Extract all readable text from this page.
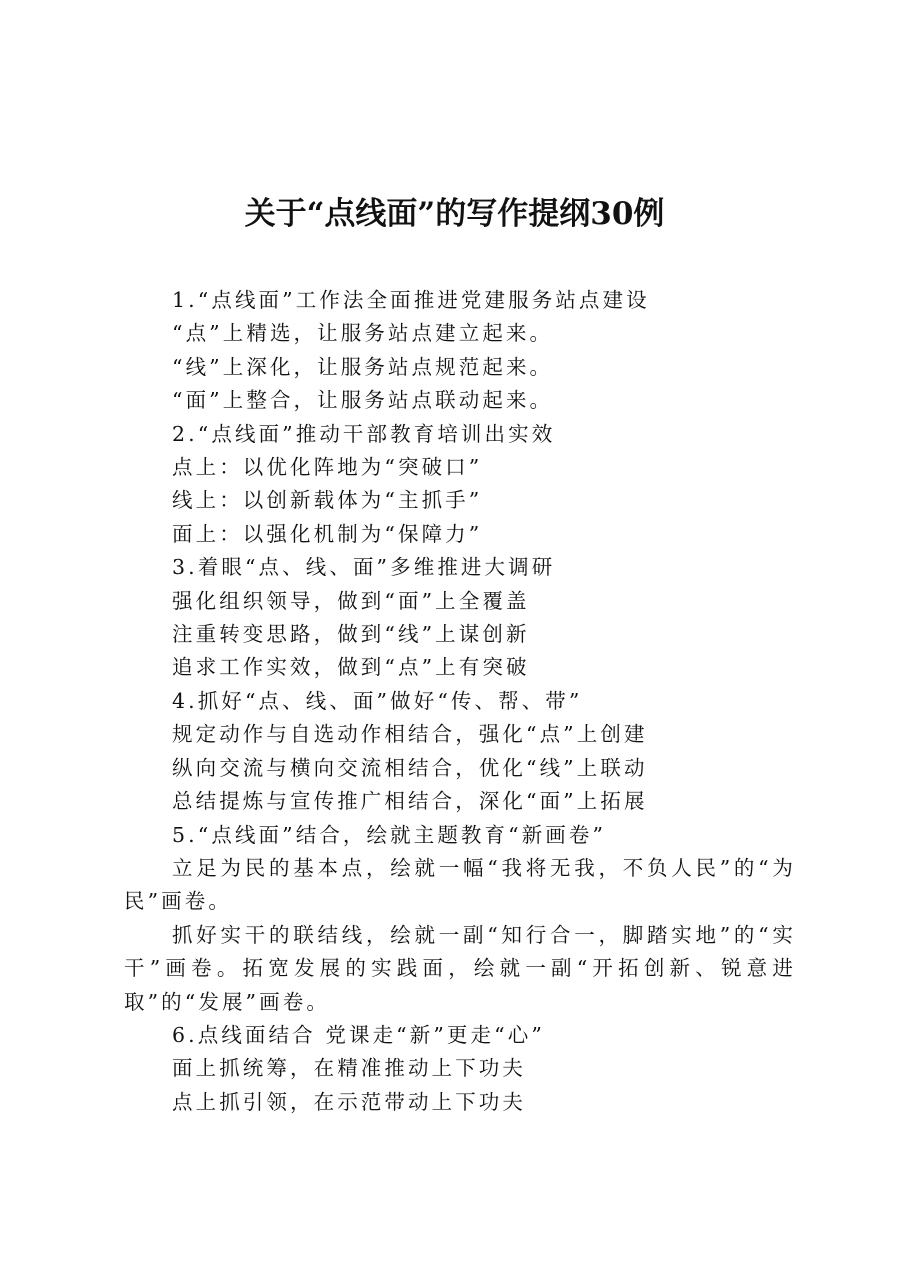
关于“点线面”的写作提纲30例

1.“点线面”工作法全面推进党建服务站点建设

“点”上精选，让服务站点建立起来。

“线”上深化，让服务站点规范起来。

“面”上整合，让服务站点联动起来。

2.“点线面”推动干部教育培训出实效

点上：以优化阵地为“突破口”

线上：以创新载体为“主抓手”

面上：以强化机制为“保障力”

3.着眼“点、线、面”多维推进大调研

强化组织领导，做到“面”上全覆盖

注重转变思路，做到“线”上谋创新

追求工作实效，做到“点”上有突破

4.抓好“点、线、面”做好“传、帮、带”

规定动作与自选动作相结合，强化“点”上创建

纵向交流与横向交流相结合，优化“线”上联动

总结提炼与宣传推广相结合，深化“面”上拓展

5.“点线面”结合，绘就主题教育“新画卷”

立足为民的基本点，绘就一幅“我将无我，不负人民”的“为民”画卷。

抓好实干的联结线，绘就一副“知行合一，脚踏实地”的“实干”画卷。拓宽发展的实践面，绘就一副“开拓创新、锐意进取”的“发展”画卷。

6.点线面结合 党课走“新”更走“心”

面上抓统筹，在精准推动上下功夫

点上抓引领，在示范带动上下功夫
